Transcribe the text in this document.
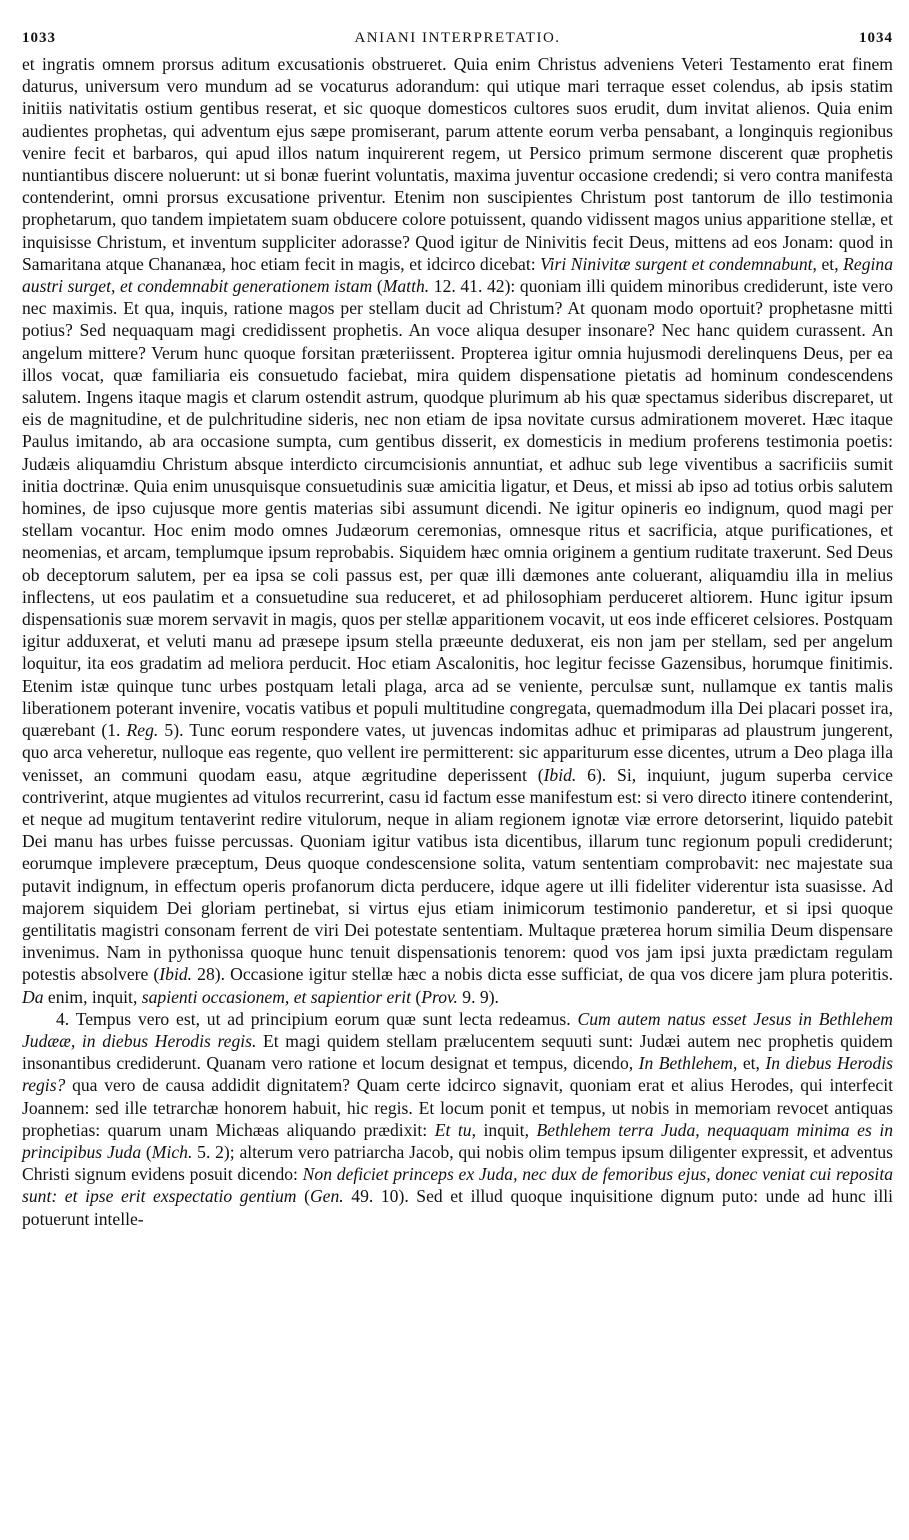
1033	ANIANI INTERPRETATIO.	1034

et ingratis omnem prorsus aditum excusationis obstrueret. Quia enim Christus adveniens Veteri Testamento erat finem daturus, universum vero mundum ad se vocaturus adorandum: qui utique mari terraque esset colendus, ab ipsis statim initiis nativitatis ostium gentibus reserat, et sic quoque domesticos cultores suos erudit, dum invitat alienos. Quia enim audientes prophetas, qui adventum ejus sæpe promiserant, parum attente eorum verba pensabant, a longinquis regionibus venire fecit et barbaros, qui apud illos natum inquirerent regem, ut Persico primum sermone discerent quæ prophetis nuntiantibus discere noluerunt: ut si bonæ fuerint voluntatis, maxima juventur occasione credendi; si vero contra manifesta contenderint, omni prorsus excusatione priventur. Etenim non suscipientes Christum post tantorum de illo testimonia prophetarum, quo tandem impietatem suam obducere colore potuissent, quando vidissent magos unius apparitione stellæ, et inquisisse Christum, et inventum suppliciter adorasse? Quod igitur de Ninivitis fecit Deus, mittens ad eos Jonam: quod in Samaritana atque Chananæa, hoc etiam fecit in magis, et idcirco dicebat: Viri Ninivitæ surgent et condemnabunt, et, Regina austri surget, et condemnabit generationem istam (Matth. 12. 41. 42): quoniam illi quidem minoribus crediderunt, iste vero nec maximis. Et qua, inquis, ratione magos per stellam ducit ad Christum? At quonam modo oportuit? prophetasne mitti potius? Sed nequaquam magi credidissent prophetis. An voce aliqua desuper insonare? Nec hanc quidem curassent. An angelum mittere? Verum hunc quoque forsitan præteriissent. Propterea igitur omnia hujusmodi derelinquens Deus, per ea illos vocat, quæ familiaria eis consuetudo faciebat, mira quidem dispensatione pietatis ad hominum condescendens salutem. Ingens itaque magis et clarum ostendit astrum, quodque plurimum ab his quæ spectamus sideribus discreparet, ut eis de magnitudine, et de pulchritudine sideris, nec non etiam de ipsa novitate cursus admirationem moveret. Hæc itaque Paulus imitando, ab ara occasione sumpta, cum gentibus disserit, ex domesticis in medium proferens testimonia poetis: Judæis aliquamdiu Christum absque interdicto circumcisionis annuntiat, et adhuc sub lege viventibus a sacrificiis sumit initia doctrinæ. Quia enim unusquisque consuetudinis suæ amicitia ligatur, et Deus, et missi ab ipso ad totius orbis salutem homines, de ipso cujusque more gentis materias sibi assumunt dicendi. Ne igitur opineris eo indignum, quod magi per stellam vocantur. Hoc enim modo omnes Judæorum ceremonias, omnesque ritus et sacrificia, atque purificationes, et neomenias, et arcam, templumque ipsum reprobabis. Siquidem hæc omnia originem a gentium ruditate traxerunt. Sed Deus ob deceptorum salutem, per ea ipsa se coli passus est, per quæ illi dæmones ante coluerant, aliquamdiu illa in melius inflectens, ut eos paulatim et a consuetudine sua reduceret, et ad philosophiam perduceret altiorem. Hunc igitur ipsum dispensationis suæ morem servavit in magis, quos per stellæ apparitionem vocavit, ut eos inde efficeret celsiores. Postquam igitur adduxerat, et veluti manu ad præsepe ipsum stella præeunte deduxerat, eis non jam per stellam, sed per angelum loquitur, ita eos gradatim ad meliora perducit. Hoc etiam Ascalonitis, hoc legitur fecisse Gazensibus, horumque finitimis. Etenim istæ quinque tunc urbes postquam letali plaga, arca ad se veniente, perculsæ sunt, nullamque ex tantis malis liberationem poterant invenire, vocatis vatibus et populi multitudine congregata, quemadmodum illa Dei placari posset ira, quærebant (1. Reg. 5). Tunc eorum respondere vates, ut juvencas indomitas adhuc et primiparas ad plaustrum jungerent, quo arca veheretur, nulloque eas regente, quo vellent ire permitterent: sic appariturum esse dicentes, utrum a Deo plaga illa venisset, an communi quodam easu, atque ægritudine deperissent (Ibid. 6). Si, inquiunt, jugum superba cervice contriverint, atque mugientes ad vitulos recurrerint, casu id factum esse manifestum est: si vero directo itinere contenderint, et neque ad mugitum tentaverint redire vitulorum, neque in aliam regionem ignotæ viæ errore detorserint, liquido patebit Dei manu has urbes fuisse percussas. Quoniam igitur vatibus ista dicentibus, illarum tunc regionum populi crediderunt; eorumque implevere præceptum, Deus quoque condescensione solita, vatum sententiam comprobavit: nec majestate sua putavit indignum, in effectum operis profanorum dicta perducere, idque agere ut illi fideliter viderentur ista suasisse. Ad majorem siquidem Dei gloriam pertinebat, si virtus ejus etiam inimicorum testimonio panderetur, et si ipsi quoque gentilitatis magistri consonam ferrent de viri Dei potestate sententiam. Multaque præterea horum similia Deum dispensare invenimus. Nam in pythonissa quoque hunc tenuit dispensationis tenorem: quod vos jam ipsi juxta prædictam regulam potestis absolvere (Ibid. 28). Occasione igitur stellæ hæc a nobis dicta esse sufficiat, de qua vos dicere jam plura poteritis. Da enim, inquit, sapienti occasionem, et sapientior erit (Prov. 9. 9).

4. Tempus vero est, ut ad principium eorum quæ sunt lecta redeamus. Cum autem natus esset Jesus in Bethlehem Judææ, in diebus Herodis regis. Et magi quidem stellam prælucentem sequuti sunt: Judæi autem nec prophetis quidem insonantibus crediderunt. Quanam vero ratione et locum designat et tempus, dicendo, In Bethlehem, et, In diebus Herodis regis? qua vero de causa addidit dignitatem? Quam certe idcirco signavit, quoniam erat et alius Herodes, qui interfecit Joannem: sed ille tetrarchæ honorem habuit, hic regis. Et locum ponit et tempus, ut nobis in memoriam revocet antiquas prophetias: quarum unam Michæas aliquando prædixit: Et tu, inquit, Bethlehem terra Juda, nequaquam minima es in principibus Juda (Mich. 5. 2); alterum vero patriarcha Jacob, qui nobis olim tempus ipsum diligenter expressit, et adventus Christi signum evidens posuit dicendo: Non deficiet princeps ex Juda, nec dux de femoribus ejus, donec veniat cui reposita sunt: et ipse erit exspectatio gentium (Gen. 49. 10). Sed et illud quoque inquisitione dignum puto: unde ad hunc illi potuerunt intelle-
